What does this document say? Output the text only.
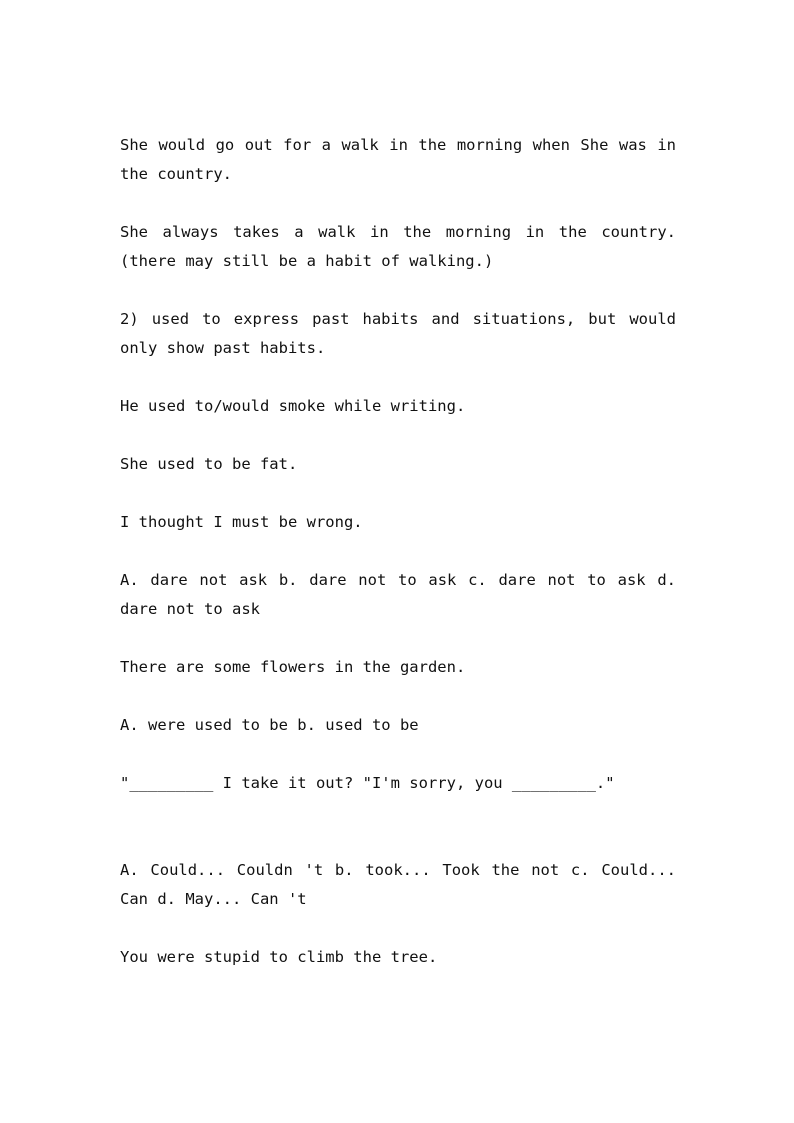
She would go out for a walk in the morning when She was in the country.

She always takes a walk in the morning in the country. (there may still be a habit of walking.)

2) used to express past habits and situations, but would only show past habits.

He used to/would smoke while writing.

She used to be fat.

I thought I must be wrong.

A. dare not ask b. dare not to ask c. dare not to ask d. dare not to ask

There are some flowers in the garden.

A. were used to be b. used to be

"_________ I take it out? "I'm sorry, you _________."

A. Could... Couldn 't b. took... Took the not c. Could... Can d. May... Can 't

You were stupid to climb the tree.
